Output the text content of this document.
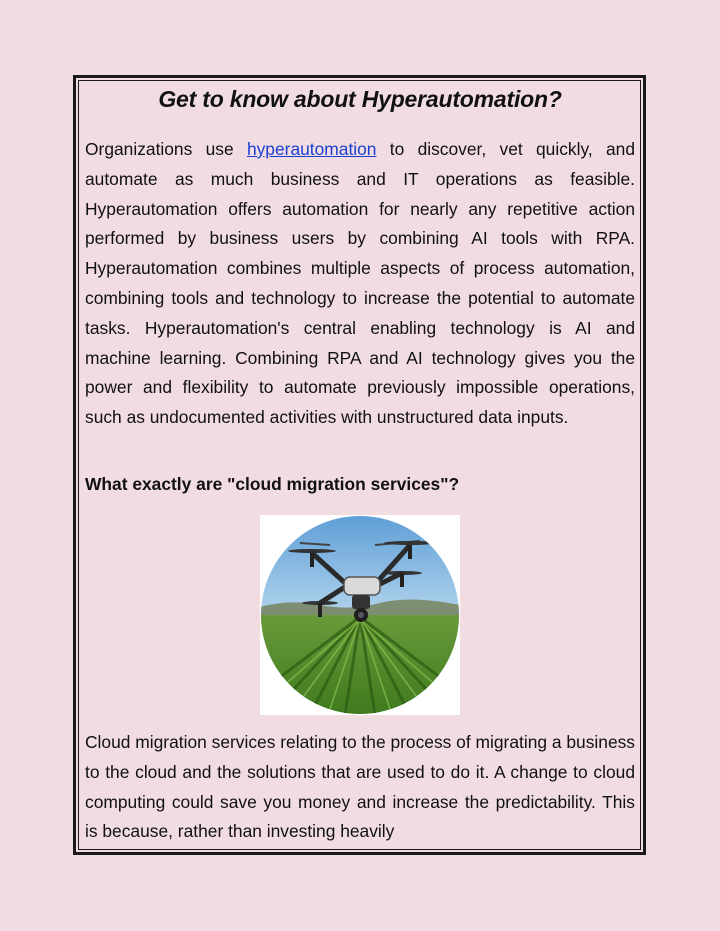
Get to know about Hyperautomation?

Organizations use hyperautomation to discover, vet quickly, and automate as much business and IT operations as feasible. Hyperautomation offers automation for nearly any repetitive action performed by business users by combining AI tools with RPA. Hyperautomation combines multiple aspects of process automation, combining tools and technology to increase the potential to automate tasks. Hyperautomation's central enabling technology is AI and machine learning. Combining RPA and AI technology gives you the power and flexibility to automate previously impossible operations, such as undocumented activities with unstructured data inputs.

What exactly are "cloud migration services"?

Cloud migration services relating to the process of migrating a business to the cloud and the solutions that are used to do it. A change to cloud computing could save you money and increase the predictability. This is because, rather than investing heavily
